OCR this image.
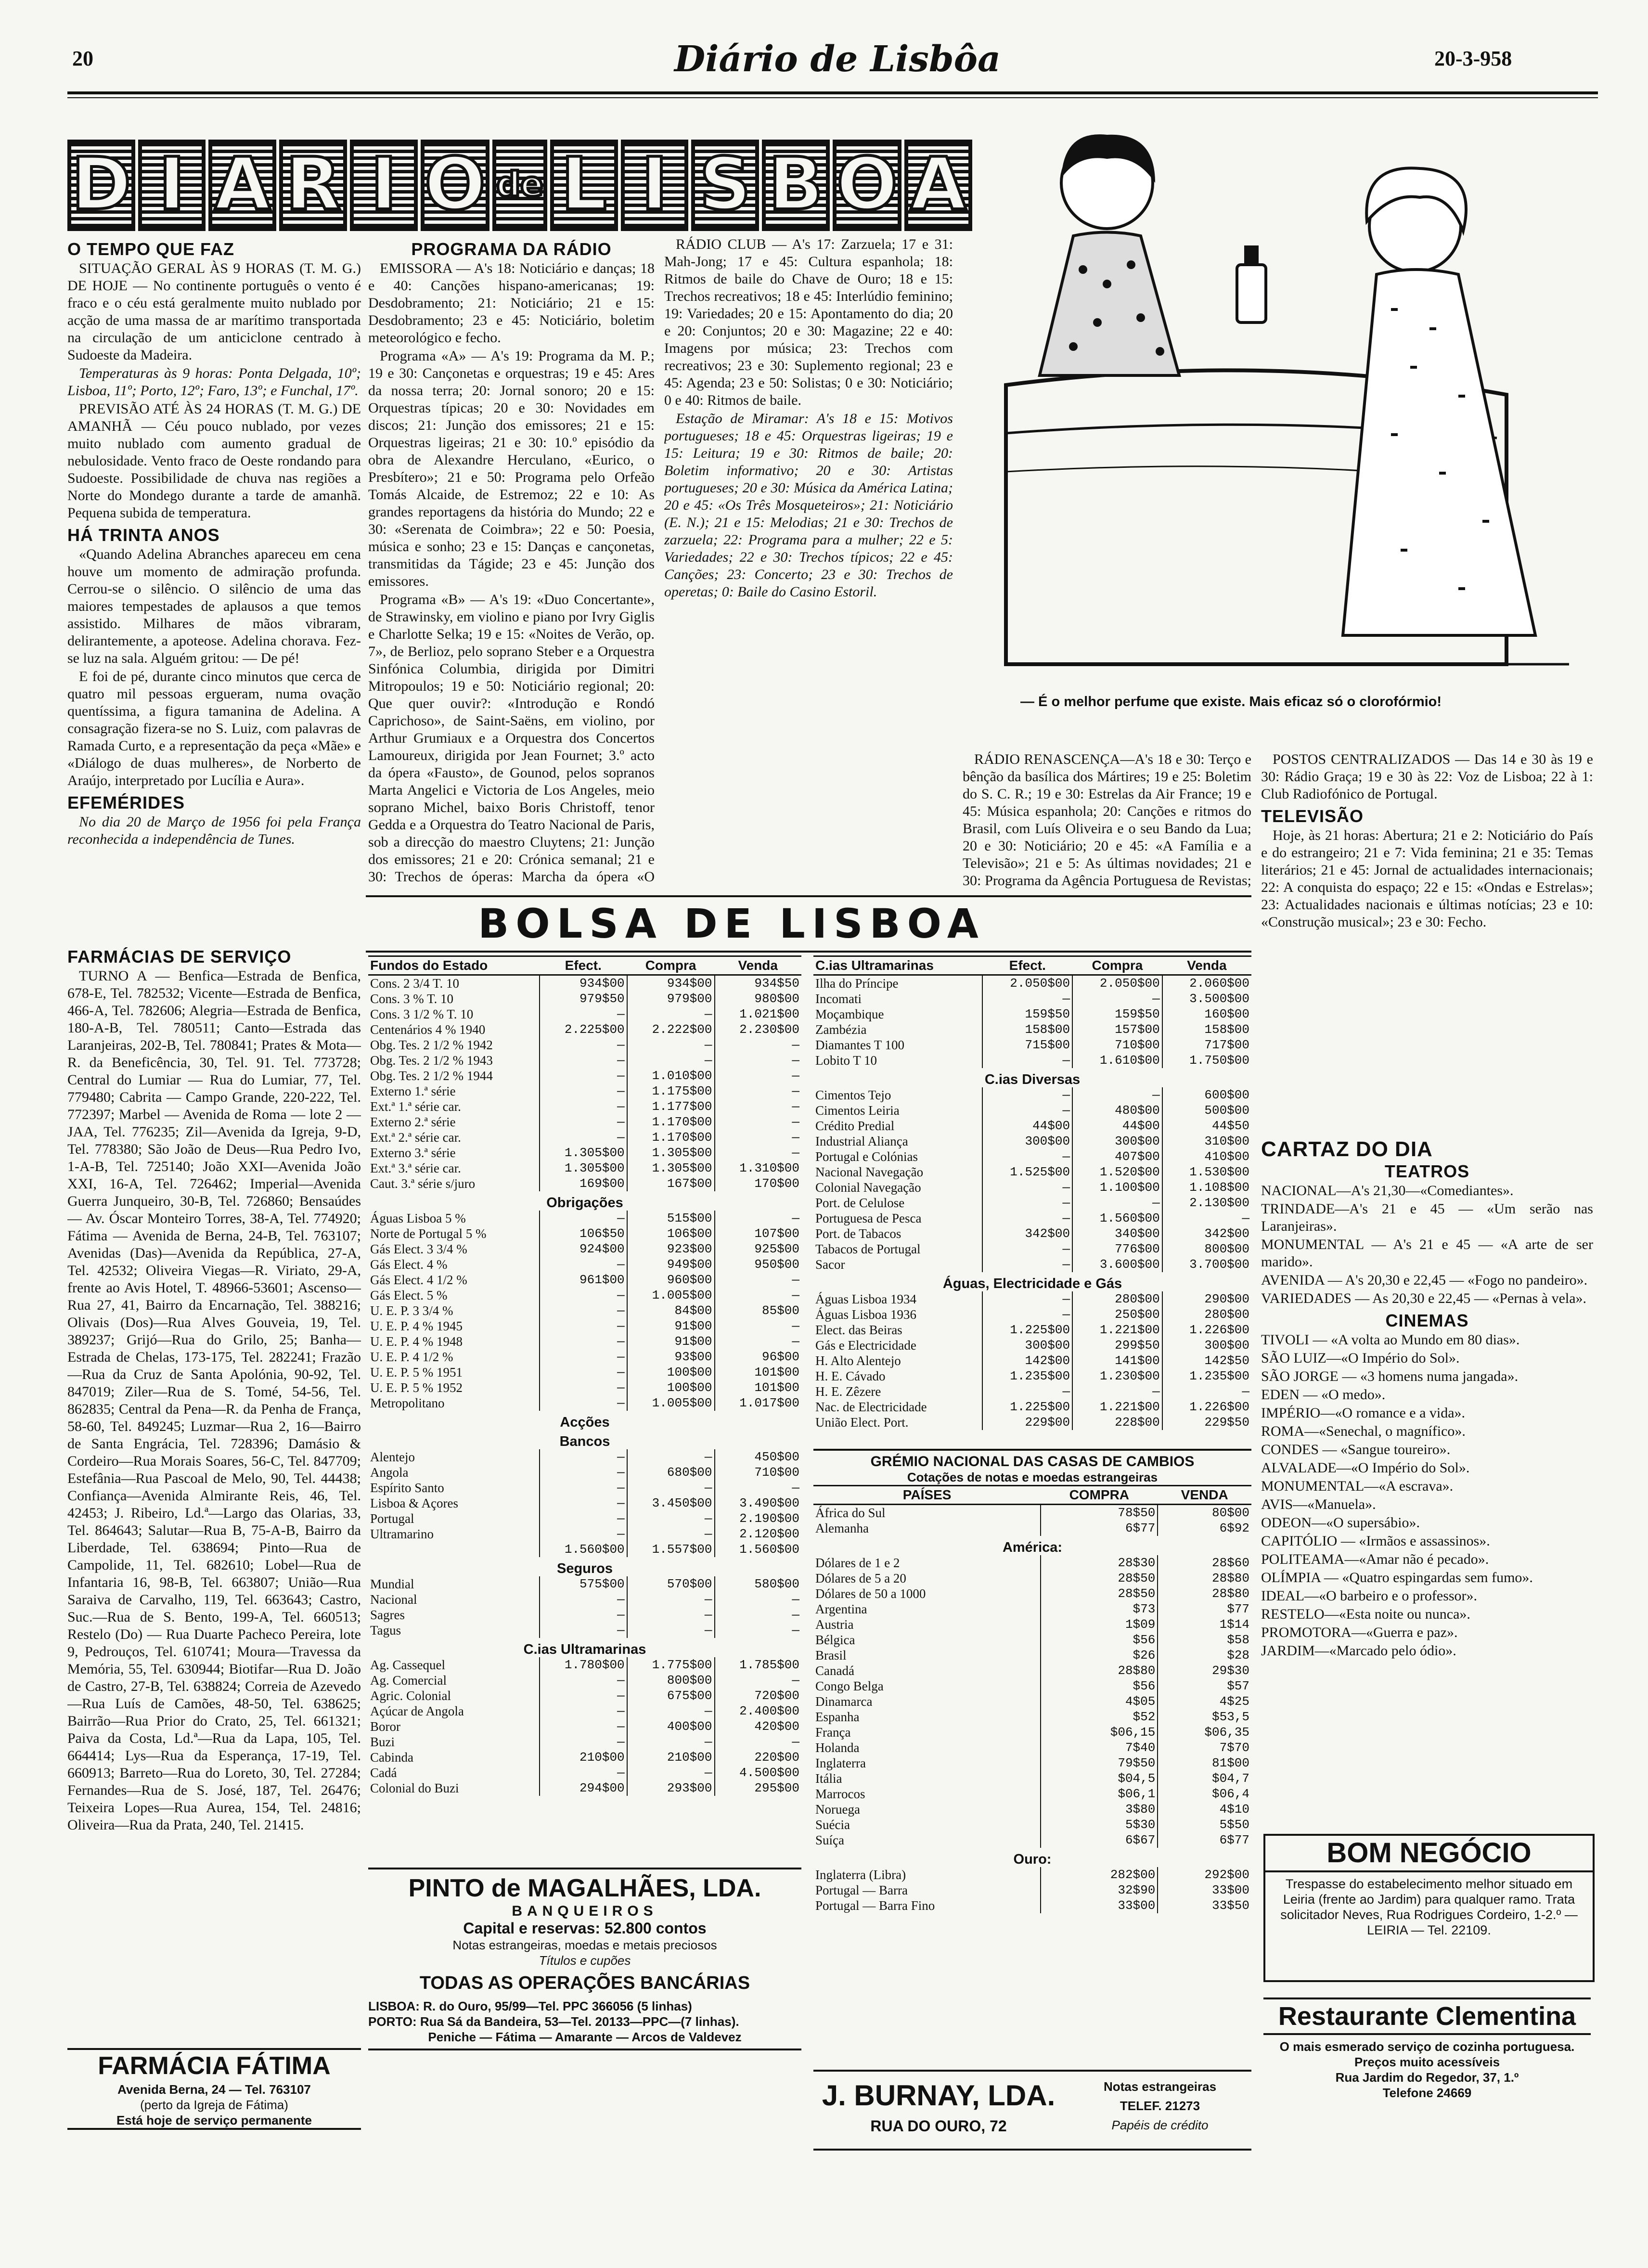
20	Diário de Lisbôa	20-3-958
D I A R I O de L I S B O A
— É o melhor perfume que existe. Mais eficaz só o clorofórmio!
O TEMPO QUE FAZ

SITUAÇÃO GERAL ÀS 9 HORAS (T. M. G.) DE HOJE — No continente português o vento é fraco e o céu está geralmente muito nublado por acção de uma massa de ar marítimo transportada na circulação de um anticiclone centrado à Sudoeste da Madeira.

Temperaturas às 9 horas: Ponta Delgada, 10º; Lisboa, 11º; Porto, 12º; Faro, 13º; e Funchal, 17º.

PREVISÃO ATÉ ÀS 24 HORAS (T. M. G.) DE AMANHÃ — Céu pouco nublado, por vezes muito nublado com aumento gradual de nebulosidade. Vento fraco de Oeste rondando para Sudoeste. Possibilidade de chuva nas regiões a Norte do Mondego durante a tarde de amanhã. Pequena subida de temperatura.

HÁ TRINTA ANOS

«Quando Adelina Abranches apareceu em cena houve um momento de admiração profunda. Cerrou-se o silêncio. O silêncio de uma das maiores tempestades de aplausos a que temos assistido. Milhares de mãos vibraram, delirantemente, a apoteose. Adelina chorava. Fez-se luz na sala. Alguém gritou: — De pé!

E foi de pé, durante cinco minutos que cerca de quatro mil pessoas ergueram, numa ovação quentíssima, a figura tamanina de Adelina. A consagração fizera-se no S. Luiz, com palavras de Ramada Curto, e a representação da peça «Mãe» e «Diálogo de duas mulheres», de Norberto de Araújo, interpretado por Lucília e Aura».

EFEMÉRIDES

No dia 20 de Março de 1956 foi pela França reconhecida a independência de Tunes.

FARMÁCIAS DE SERVIÇO

TURNO A — Benfica—Estrada de Benfica, 678-E, Tel. 782532; Vicente—Estrada de Benfica, 466-A, Tel. 782606; Alegria—Estrada de Benfica, 180-A-B, Tel. 780511; Canto—Estrada das Laranjeiras, 202-B, Tel. 780841; Prates & Mota—R. da Beneficência, 30, Tel. 91. Tel. 773728; Central do Lumiar — Rua do Lumiar, 77, Tel. 779480; Cabrita — Campo Grande, 220-222, Tel. 772397; Marbel — Avenida de Roma — lote 2 — JAA, Tel. 776235; Zil—Avenida da Igreja, 9-D, Tel. 778380; São João de Deus—Rua Pedro Ivo, 1-A-B, Tel. 725140; João XXI—Avenida João XXI, 16-A, Tel. 726462; Imperial—Avenida Guerra Junqueiro, 30-B, Tel. 726860; Bensaúdes — Av. Óscar Monteiro Torres, 38-A, Tel. 774920; Fátima — Avenida de Berna, 24-B, Tel. 763107; Avenidas (Das)—Avenida da República, 27-A, Tel. 42532; Oliveira Viegas—R. Viriato, 29-A, frente ao Avis Hotel, T. 48966-53601; Ascenso—Rua 27, 41, Bairro da Encarnação, Tel. 388216; Olivais (Dos)—Rua Alves Gouveia, 19, Tel. 389237; Grijó—Rua do Grilo, 25; Banha—Estrada de Chelas, 173-175, Tel. 282241; Frazão—Rua da Cruz de Santa Apolónia, 90-92, Tel. 847019; Ziler—Rua de S. Tomé, 54-56, Tel. 862835; Central da Pena—R. da Penha de França, 58-60, Tel. 849245; Luzmar—Rua 2, 16—Bairro de Santa Engrácia, Tel. 728396; Damásio & Cordeiro—Rua Morais Soares, 56-C, Tel. 847709; Estefânia—Rua Pascoal de Melo, 90, Tel. 44438; Confiança—Avenida Almirante Reis, 46, Tel. 42453; J. Ribeiro, Ld.ª—Largo das Olarias, 33, Tel. 864643; Salutar—Rua B, 75-A-B, Bairro da Liberdade, Tel. 638694; Pinto—Rua de Campolide, 11, Tel. 682610; Lobel—Rua de Infantaria 16, 98-B, Tel. 663807; União—Rua Saraiva de Carvalho, 119, Tel. 663643; Castro, Suc.—Rua de S. Bento, 199-A, Tel. 660513; Restelo (Do) — Rua Duarte Pacheco Pereira, lote 9, Pedrouços, Tel. 610741; Moura—Travessa da Memória, 55, Tel. 630944; Biotifar—Rua D. João de Castro, 27-B, Tel. 638824; Correia de Azevedo—Rua Luís de Camões, 48-50, Tel. 638625; Bairrão—Rua Prior do Crato, 25, Tel. 661321; Paiva da Costa, Ld.ª—Rua da Lapa, 105, Tel. 664414; Lys—Rua da Esperança, 17-19, Tel. 660913; Barreto—Rua do Loreto, 30, Tel. 27284; Fernandes—Rua de S. José, 187, Tel. 26476; Teixeira Lopes—Rua Aurea, 154, Tel. 24816; Oliveira—Rua da Prata, 240, Tel. 21415.

FARMÁCIA FÁTIMA
Avenida Berna, 24 — Tel. 763107
(perto da Igreja de Fátima)
Está hoje de serviço permanente
PROGRAMA DA RÁDIO

EMISSORA — A's 18: Noticiário e danças; 18 e 40: Canções hispano-americanas; 19: Desdobramento; 21: Noticiário; 21 e 15: Desdobramento; 23 e 45: Noticiário, boletim meteorológico e fecho.

Programa «A» — A's 19: Programa da M. P.; 19 e 30: Cançonetas e orquestras; 19 e 45: Ares da nossa terra; 20: Jornal sonoro; 20 e 15: Orquestras típicas; 20 e 30: Novidades em discos; 21: Junção dos emissores; 21 e 15: Orquestras ligeiras; 21 e 30: 10.º episódio da obra de Alexandre Herculano, «Eurico, o Presbítero»; 21 e 50: Programa pelo Orfeão Tomás Alcaide, de Estremoz; 22 e 10: As grandes reportagens da história do Mundo; 22 e 30: «Serenata de Coimbra»; 22 e 50: Poesia, música e sonho; 23 e 15: Danças e cançonetas, transmitidas da Tágide; 23 e 45: Junção dos emissores.

Programa «B» — A's 19: «Duo Concertante», de Strawinsky, em violino e piano por Ivry Giglis e Charlotte Selka; 19 e 15: «Noites de Verão, op. 7», de Berlioz, pelo soprano Steber e a Orquestra Sinfónica Columbia, dirigida por Dimitri Mitropoulos; 19 e 50: Noticiário regional; 20: Que quer ouvir?: «Introdução e Rondó Caprichoso», de Saint-Saëns, em violino, por Arthur Grumiaux e a Orquestra dos Concertos Lamoureux, dirigida por Jean Fournet; 3.º acto da ópera «Fausto», de Gounod, pelos sopranos Marta Angelici e Victoria de Los Angeles, meio soprano Michel, baixo Boris Christoff, tenor Gedda e a Orquestra do Teatro Nacional de Paris, sob a direcção do maestro Cluytens; 21: Junção dos emissores; 21 e 20: Crónica semanal; 21 e 30: Trechos de óperas: Marcha da ópera «O

RÁDIO CLUB — A's 17: Zarzuela; 17 e 31: Mah-Jong; 17 e 45: Cultura espanhola; 18: Ritmos de baile do Chave de Ouro; 18 e 15: Trechos recreativos; 18 e 45: Interlúdio feminino; 19: Variedades; 20 e 15: Apontamento do dia; 20 e 20: Conjuntos; 20 e 30: Magazine; 22 e 40: Imagens por música; 23: Trechos com recreativos; 23 e 30: Suplemento regional; 23 e 45: Agenda; 23 e 50: Solistas; 0 e 30: Noticiário; 0 e 40: Ritmos de baile.

Estação de Miramar: A's 18 e 15: Motivos portugueses; 18 e 45: Orquestras ligeiras; 19 e 15: Leitura; 19 e 30: Ritmos de baile; 20: Boletim informativo; 20 e 30: Artistas portugueses; 20 e 30: Música da América Latina; 20 e 45: «Os Três Mosqueteiros»; 21: Noticiário (E. N.); 21 e 15: Melodias; 21 e 30: Trechos de zarzuela; 22: Programa para a mulher; 22 e 5: Variedades; 22 e 30: Trechos típicos; 22 e 45: Canções; 23: Concerto; 23 e 30: Trechos de operetas; 0: Baile do Casino Estoril.

RÁDIO RENASCENÇA—A's 18 e 30: Terço e bênção da basílica dos Mártires; 19 e 25: Boletim do S. C. R.; 19 e 30: Estrelas da Air France; 19 e 45: Música espanhola; 20: Canções e ritmos do Brasil, com Luís Oliveira e o seu Bando da Lua; 20 e 30: Noticiário; 20 e 45: «A Família e a Televisão»; 21 e 5: As últimas novidades; 21 e 30: Programa da Agência Portuguesa de Revistas;

POSTOS CENTRALIZADOS — Das 14 e 30 às 19 e 30: Rádio Graça; 19 e 30 às 22: Voz de Lisboa; 22 à 1: Club Radiofónico de Portugal.

TELEVISÃO

Hoje, às 21 horas: Abertura; 21 e 2: Noticiário do País e do estrangeiro; 21 e 7: Vida feminina; 21 e 35: Temas literários; 21 e 45: Jornal de actualidades internacionais; 22: A conquista do espaço; 22 e 15: «Ondas e Estrelas»; 23: Actualidades nacionais e últimas notícias; 23 e 10: «Construção musical»; 23 e 30: Fecho.

BOLSA DE LISBOA
Fundos do Estado	Efect.	Compra	Venda
Cons. 2 3/4 T. 10	934$00	934$00	934$50
Cons. 3 % T. 10	979$50	979$00	980$00
Cons. 3 1/2 % T. 10	—	—	1.021$00
Centenários 4 % 1940	2.225$00	2.222$00	2.230$00
Obg. Tes. 2 1/2 % 1942	—	—	—
Obg. Tes. 2 1/2 % 1943	—	—	—
Obg. Tes. 2 1/2 % 1944	—	1.010$00	—
Externo 1.ª série	—	1.175$00	—
Ext.ª 1.ª série car.	—	1.177$00	—
Externo 2.ª série	—	1.170$00	—
Ext.ª 2.ª série car.	—	1.170$00	—
Externo 3.ª série	1.305$00	1.305$00	—
Ext.ª 3.ª série car.	1.305$00	1.305$00	1.310$00
Caut. 3.ª série s/juro	169$00	167$00	170$00
Obrigações			
Águas Lisboa 5 %	—	515$00	—
Norte de Portugal 5 %	106$50	106$00	107$00
Gás Elect. 3 3/4 %	924$00	923$00	925$00
Gás Elect. 4 %	—	949$00	950$00
Gás Elect. 4 1/2 %	961$00	960$00	—
Gás Elect. 5 %	—	1.005$00	—
U. E. P. 3 3/4 %	—	84$00	85$00
U. E. P. 4 % 1945	—	91$00	—
U. E. P. 4 % 1948	—	91$00	—
U. E. P. 4 1/2 %	—	93$00	96$00
U. E. P. 5 % 1951	—	100$00	101$00
U. E. P. 5 % 1952	—	100$00	101$00
Metropolitano	—	1.005$00	1.017$00
Acções			
Bancos			
Alentejo	—	—	450$00
Angola	—	680$00	710$00
Espírito Santo	—	—	—
Lisboa & Açores	—	3.450$00	3.490$00
Portugal	—	—	2.190$00
Ultramarino	—	—	2.120$00
	1.560$00	1.557$00	1.560$00
Seguros			
Mundial	575$00	570$00	580$00
Nacional	—	—	—
Sagres	—	—	—
Tagus	—	—	—
C.ias Ultramarinas			
Ag. Cassequel	1.780$00	1.775$00	1.785$00
Ag. Comercial	—	800$00	—
Agric. Colonial	—	675$00	720$00
Açúcar de Angola	—	—	2.400$00
Boror	—	400$00	420$00
Buzi	—	—	—
Cabinda	210$00	210$00	220$00
Cadá	—	—	4.500$00
Colonial do Buzi	294$00	293$00	295$00
C.ias Ultramarinas	Efect.	Compra	Venda
Ilha do Príncipe	2.050$00	2.050$00	2.060$00
Incomati	—	—	3.500$00
Moçambique	159$50	159$50	160$00
Zambézia	158$00	157$00	158$00
Diamantes T 100	715$00	710$00	717$00
Lobito T 10	—	1.610$00	1.750$00
C.ias Diversas			
Cimentos Tejo	—	—	600$00
Cimentos Leiria	—	480$00	500$00
Crédito Predial	44$00	44$00	44$50
Industrial Aliança	300$00	300$00	310$00
Portugal e Colónias	—	407$00	410$00
Nacional Navegação	1.525$00	1.520$00	1.530$00
Colonial Navegação	—	1.100$00	1.108$00
Port. de Celulose	—	—	2.130$00
Portuguesa de Pesca	—	1.560$00	—
Port. de Tabacos	342$00	340$00	342$00
Tabacos de Portugal	—	776$00	800$00
Sacor	—	3.600$00	3.700$00
Águas, Electricidade e Gás			
Águas Lisboa 1934	—	280$00	290$00
Águas Lisboa 1936	—	250$00	280$00
Elect. das Beiras	1.225$00	1.221$00	1.226$00
Gás e Electricidade	300$00	299$50	300$00
H. Alto Alentejo	142$00	141$00	142$50
H. E. Cávado	1.235$00	1.230$00	1.235$00
H. E. Zêzere	—	—	—
Nac. de Electricidade	1.225$00	1.221$00	1.226$00
União Elect. Port.	229$00	228$00	229$50
GRÉMIO NACIONAL DAS CASAS DE CAMBIOS
Cotações de notas e moedas estrangeiras
PAÍSES	COMPRA	VENDA
África do Sul	78$50	80$00
Alemanha	6$77	6$92
América:		
Dólares de 1 e 2	28$30	28$60
Dólares de 5 a 20	28$50	28$80
Dólares de 50 a 1000	28$50	28$80
Argentina	$73	$77
Austria	1$09	1$14
Bélgica	$56	$58
Brasil	$26	$28
Canadá	28$80	29$30
Congo Belga	$56	$57
Dinamarca	4$05	4$25
Espanha	$52	$53,5
França	$06,15	$06,35
Holanda	7$40	7$70
Inglaterra	79$50	81$00
Itália	$04,5	$04,7
Marrocos	$06,1	$06,4
Noruega	3$80	4$10
Suécia	5$30	5$50
Suíça	6$67	6$77
Ouro:		
Inglaterra (Libra)	282$00	292$00
Portugal — Barra	32$90	33$00
Portugal — Barra Fino	33$00	33$50
PINTO de MAGALHÃES, LDA.
BANQUEIROS
Capital e reservas: 52.800 contos
Notas estrangeiras, moedas e metais preciosos
Títulos e cupões
TODAS AS OPERAÇÕES BANCÁRIAS
LISBOA: R. do Ouro, 95/99—Tel. PPC 366056 (5 linhas)
PORTO: Rua Sá da Bandeira, 53—Tel. 20133—PPC—(7 linhas).
Peniche — Fátima — Amarante — Arcos de Valdevez
J. BURNAY, LDA.
RUA DO OURO, 72
Notas estrangeiras
TELEF. 21273
Papéis de crédito
CARTAZ DO DIA
TEATROS

NACIONAL—A's 21,30—«Comediantes».

TRINDADE—A's 21 e 45 — «Um serão nas Laranjeiras».

MONUMENTAL — A's 21 e 45 — «A arte de ser marido».

AVENIDA — A's 20,30 e 22,45 — «Fogo no pandeiro».

VARIEDADES — As 20,30 e 22,45 — «Pernas à vela».

CINEMAS

TIVOLI — «A volta ao Mundo em 80 dias».

SÃO LUIZ—«O Império do Sol».

SÃO JORGE — «3 homens numa jangada».

EDEN — «O medo».

IMPÉRIO—«O romance e a vida».

ROMA—«Senechal, o magnífico».

CONDES — «Sangue toureiro».

ALVALADE—«O Império do Sol».

MONUMENTAL—«A escrava».

AVIS—«Manuela».

ODEON—«O supersábio».

CAPITÓLIO — «Irmãos e assassinos».

POLITEAMA—«Amar não é pecado».

OLÍMPIA — «Quatro espingardas sem fumo».

IDEAL—«O barbeiro e o professor».

RESTELO—«Esta noite ou nunca».

PROMOTORA—«Guerra e paz».

JARDIM—«Marcado pelo ódio».

BOM NEGÓCIO
Trespasse do estabelecimento melhor situado em Leiria (frente ao Jardim) para qualquer ramo. Trata solicitador Neves, Rua Rodrigues Cordeiro, 1-2.º — LEIRIA — Tel. 22109.
Restaurante Clementina
O mais esmerado serviço de cozinha portuguesa.
Preços muito acessíveis
Rua Jardim do Regedor, 37, 1.º
Telefone 24669
